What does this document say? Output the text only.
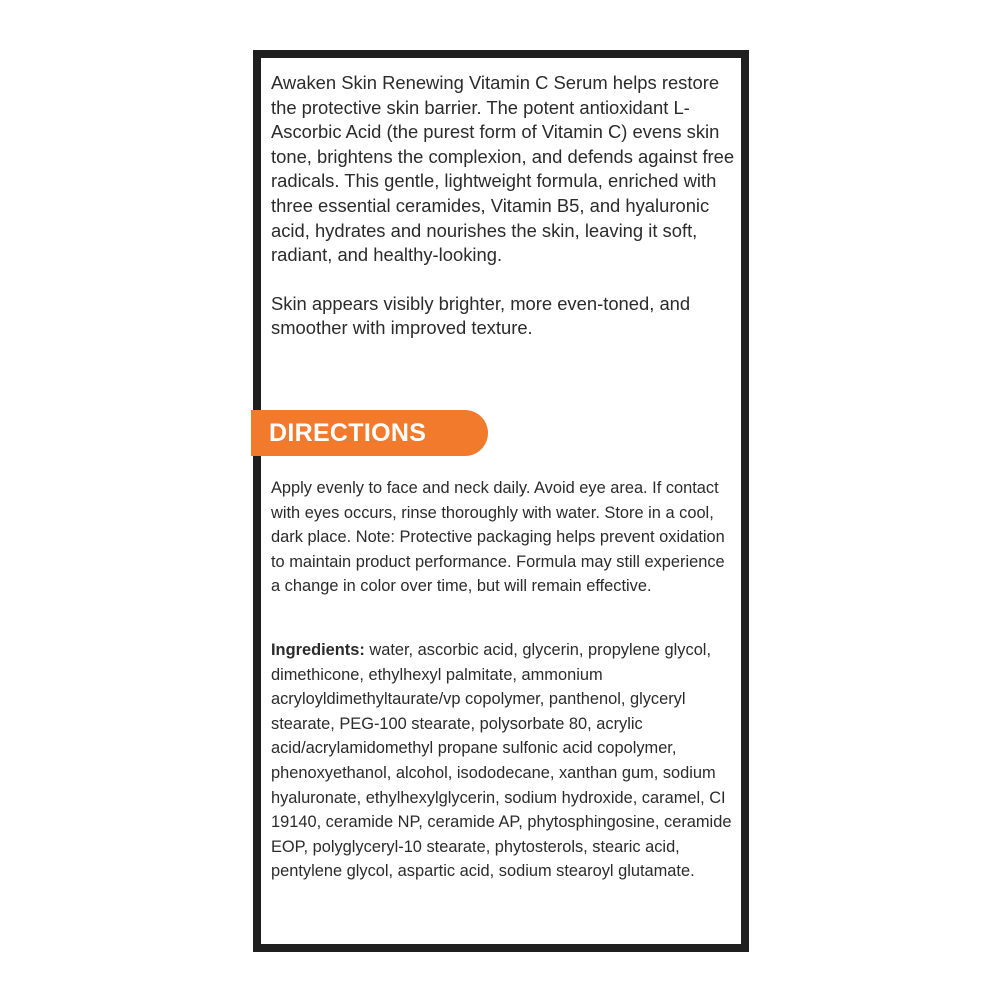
Awaken Skin Renewing Vitamin C Serum helps restore the protective skin barrier. The potent antioxidant L-Ascorbic Acid (the purest form of Vitamin C) evens skin tone, brightens the complexion, and defends against free radicals. This gentle, lightweight formula, enriched with three essential ceramides, Vitamin B5, and hyaluronic acid, hydrates and nourishes the skin, leaving it soft, radiant, and healthy-looking.

Skin appears visibly brighter, more even-toned, and smoother with improved texture.

DIRECTIONS

Apply evenly to face and neck daily. Avoid eye area. If contact with eyes occurs, rinse thoroughly with water. Store in a cool, dark place. Note: Protective packaging helps prevent oxidation to maintain product performance. Formula may still experience a change in color over time, but will remain effective.

Ingredients: water, ascorbic acid, glycerin, propylene glycol, dimethicone, ethylhexyl palmitate, ammonium acryloyldimethyltaurate/vp copolymer, panthenol, glyceryl stearate, PEG-100 stearate, polysorbate 80, acrylic acid/acrylamidomethyl propane sulfonic acid copolymer, phenoxyethanol, alcohol, isododecane, xanthan gum, sodium hyaluronate, ethylhexylglycerin, sodium hydroxide, caramel, CI 19140, ceramide NP, ceramide AP, phytosphingosine, ceramide EOP, polyglyceryl-10 stearate, phytosterols, stearic acid, pentylene glycol, aspartic acid, sodium stearoyl glutamate.
